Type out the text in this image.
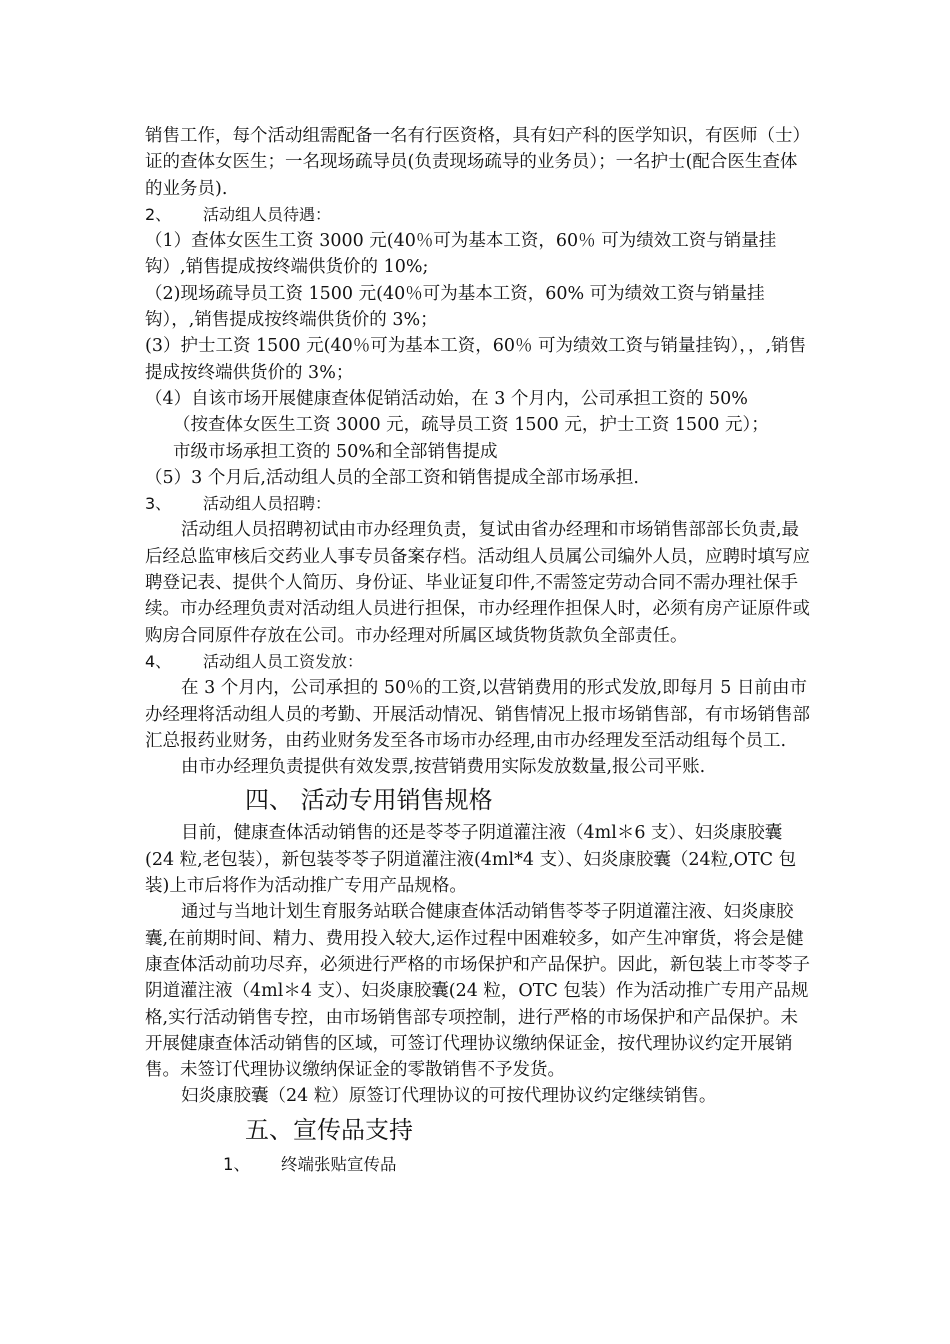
销售工作，每个活动组需配备一名有行医资格，具有妇产科的医学知识，有医师（士）证的查体女医生；一名现场疏导员(负责现场疏导的业务员）；一名护士(配合医生查体的业务员).

2、 活动组人员待遇：

（1）查体女医生工资 3000 元(40％可为基本工资，60％ 可为绩效工资与销量挂钩）,销售提成按终端供货价的 10%;

（2)现场疏导员工资 1500 元(40％可为基本工资，60% 可为绩效工资与销量挂钩），,销售提成按终端供货价的 3%；

(3）护士工资 1500 元(40％可为基本工资，60％ 可为绩效工资与销量挂钩），，,销售提成按终端供货价的 3%；

（4）自该市场开展健康查体促销活动始，在 3 个月内，公司承担工资的 50%

（按查体女医生工资 3000 元，疏导员工资 1500 元，护士工资 1500 元）；

市级市场承担工资的 50%和全部销售提成

（5）3 个月后,活动组人员的全部工资和销售提成全部市场承担.

3、 活动组人员招聘：

活动组人员招聘初试由市办经理负责，复试由省办经理和市场销售部部长负责,最后经总监审核后交药业人事专员备案存档。活动组人员属公司编外人员，应聘时填写应聘登记表、提供个人简历、身份证、毕业证复印件,不需签定劳动合同不需办理社保手续。市办经理负责对活动组人员进行担保，市办经理作担保人时，必须有房产证原件或购房合同原件存放在公司。市办经理对所属区域货物货款负全部责任。

4、 活动组人员工资发放：

在 3 个月内，公司承担的 50％的工资,以营销费用的形式发放,即每月 5 日前由市办经理将活动组人员的考勤、开展活动情况、销售情况上报市场销售部，有市场销售部汇总报药业财务，由药业财务发至各市场市办经理,由市办经理发至活动组每个员工.

由市办经理负责提供有效发票,按营销费用实际发放数量,报公司平账.

四、 活动专用销售规格

目前，健康查体活动销售的还是苓苓子阴道灌注液（4ml＊6 支）、妇炎康胶囊(24 粒,老包装），新包装苓苓子阴道灌注液(4ml*4 支）、妇炎康胶囊（24粒,OTC 包装)上市后将作为活动推广专用产品规格。

通过与当地计划生育服务站联合健康查体活动销售苓苓子阴道灌注液、妇炎康胶囊,在前期时间、精力、费用投入较大,运作过程中困难较多，如产生冲窜货，将会是健康查体活动前功尽弃，必须进行严格的市场保护和产品保护。因此，新包装上市苓苓子阴道灌注液（4ml＊4 支）、妇炎康胶囊(24 粒，OTC 包装）作为活动推广专用产品规格,实行活动销售专控，由市场销售部专项控制，进行严格的市场保护和产品保护。未开展健康查体活动销售的区域，可签订代理协议缴纳保证金，按代理协议约定开展销售。未签订代理协议缴纳保证金的零散销售不予发货。

妇炎康胶囊（24 粒）原签订代理协议的可按代理协议约定继续销售。

五、宣传品支持

1、 终端张贴宣传品
